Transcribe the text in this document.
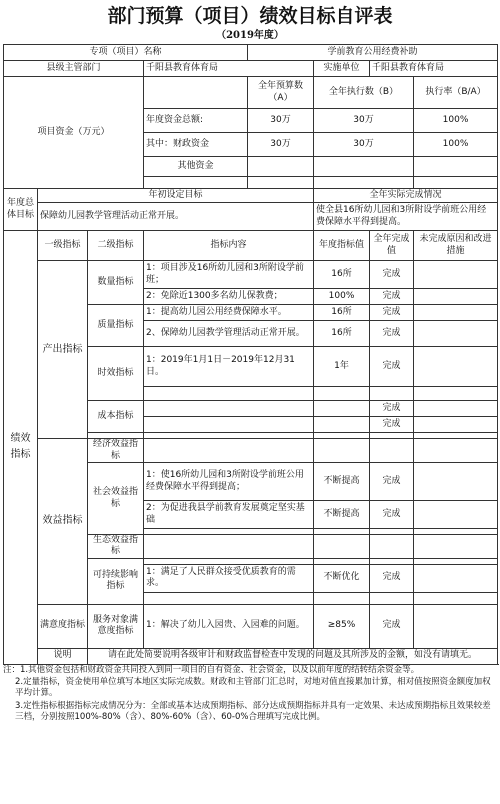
部门预算（项目）绩效目标自评表
（2019年度）
专项（项目）名称				学前教育公用经费补助			
县级主管部门			千阳县教育体育局		实施单位	千阳县教育体育局	
项目资金（万元）				全年预算数（A）	全年执行数（B）		执行率（B/A）
			年度资金总额:	30万	30万		100%
			其中：财政资金	30万	30万		100%
			其他资金				

年度总体目标	年初设定目标				全年实际完成情况		
	保障幼儿园教学管理活动正常开展。				使全县16所幼儿园和3所附设学前班公用经费保障水平得到提高。		
绩效指标	一级指标	二级指标	指标内容		年度指标值	全年完成值	未完成原因和改进措施
	产出指标	数量指标	1：项目涉及16所幼儿园和3所附设学前班；		16所	完成	
			2：免除近1300多名幼儿保教费；		100%	完成	
		质量指标	1：提高幼儿园公用经费保障水平。		16所	完成	
			2、保障幼儿园教学管理活动正常开展。		16所	完成	
		时效指标	1：2019年1月1日－2019年12月31日。		1年	完成	

		成本指标				完成	
						完成	

	效益指标	经济效益指标					
		社会效益指标	1：使16所幼儿园和3所附设学前班公用经费保障水平得到提高；		不断提高	完成	
			2：为促进我县学前教育发展奠定坚实基础		不断提高	完成	

		生态效益指标					
		可持续影响指标					
			1：满足了人民群众接受优质教育的需求。		不断优化	完成	

	满意度指标	服务对象满意度指标	1：解决了幼儿入园贵、入园难的问题。		≥85%	完成	
	说明	请在此处简要说明各级审计和财政监督检查中发现的问题及其所涉及的金额，如没有请填无。					

注：1.其他资金包括和财政资金共同投入到同一项目的自有资金、社会资金，以及以前年度的结转结余资金等。

2.定量指标，资金使用单位填写本地区实际完成数。财政和主管部门汇总时，对地对值直接累加计算，相对值按照资金额度加权平均计算。

3.定性指标根据指标完成情况分为：全部或基本达成预期指标、部分达成预期指标并具有一定效果、未达成预期指标且效果较差三档，分别按照100%-80%（含）、80%-60%（含）、60-0%合理填写完成比例。
